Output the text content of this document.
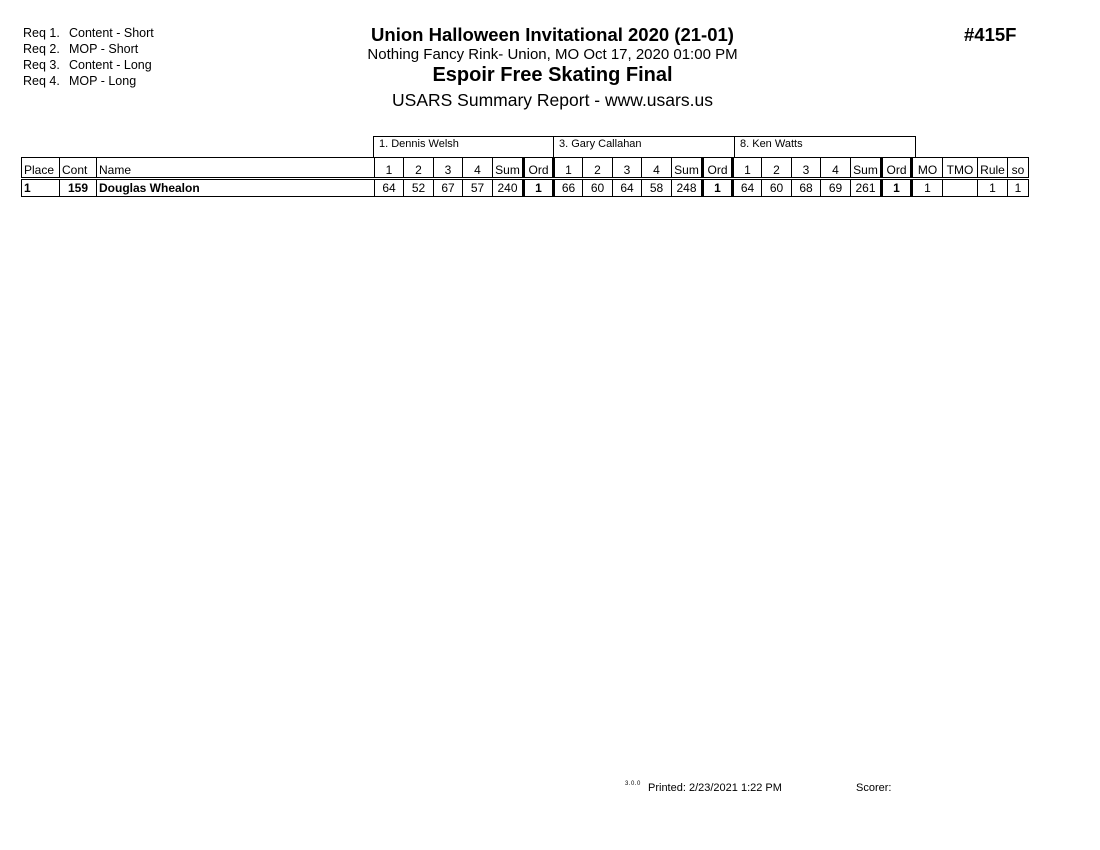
Req 1. Content - Short
Req 2. MOP - Short
Req 3. Content - Long
Req 4. MOP - Long
Union Halloween Invitational 2020 (21-01)
Nothing Fancy Rink- Union, MO Oct 17, 2020 01:00 PM
Espoir Free Skating Final
USARS Summary Report - www.usars.us
#415F
1. Dennis Welsh	3. Gary Callahan	8. Ken Watts
Place	Cont	Name	1	2	3	4	Sum	Ord	1	2	3	4	Sum	Ord	1	2	3	4	Sum	Ord	MO	TMO	Rule	so
1	159	Douglas Whealon	64	52	67	57	240	1	66	60	64	58	248	1	64	60	68	69	261	1	1		1	1
3.0.0 Printed: 2/23/2021 1:22 PM	Scorer:
